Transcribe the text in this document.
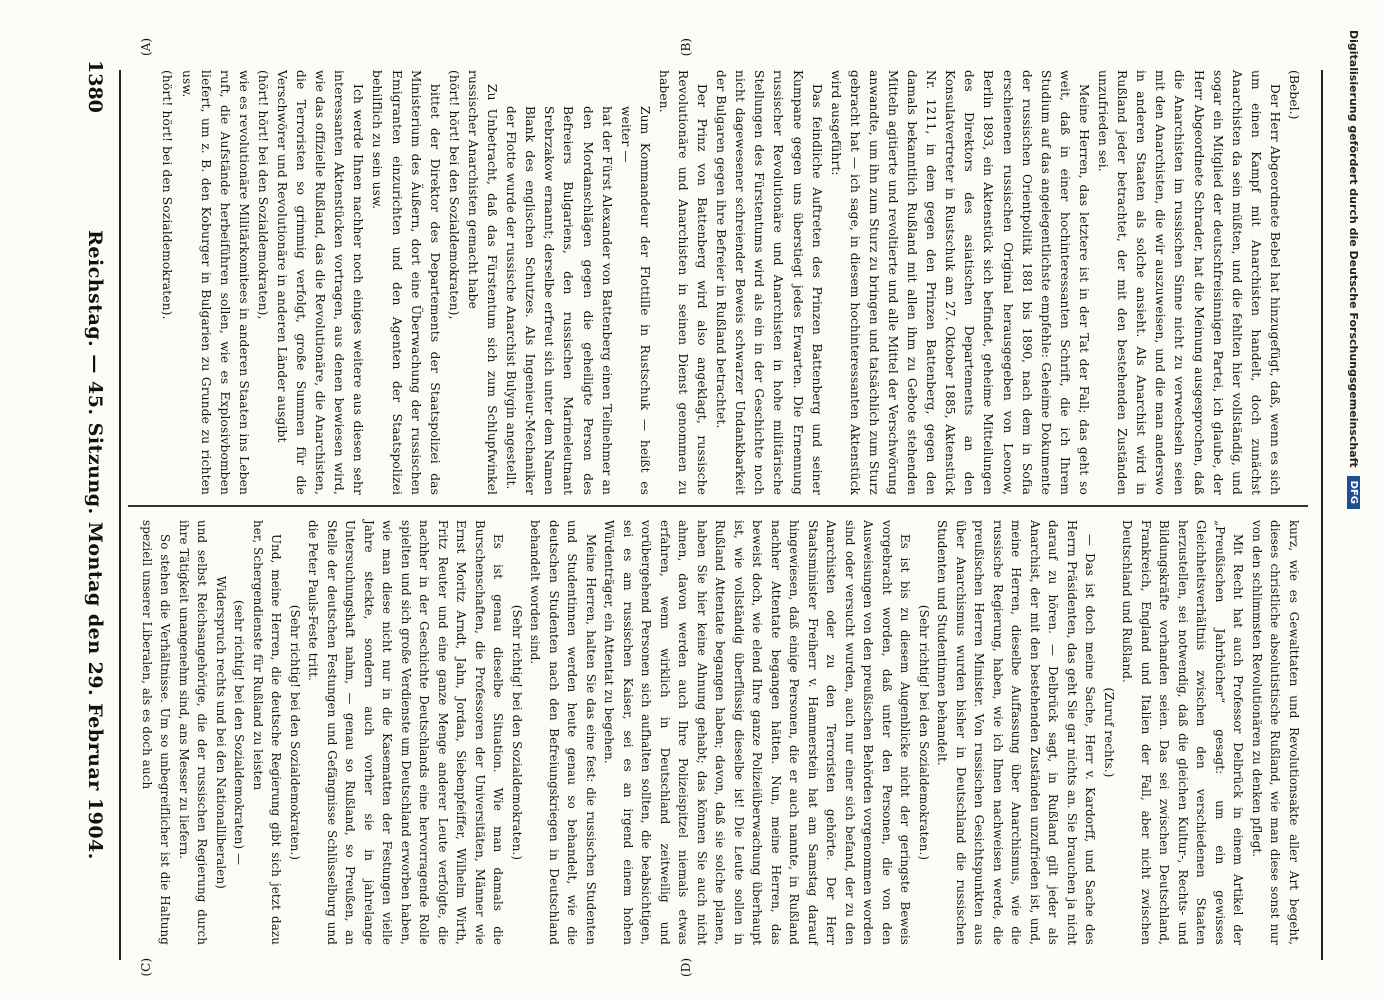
Digitalisierung gefördert durch die Deutsche Forschungsgemeinschaft
DFG

kurz, wie es Gewalttaten und Revolutionsakte aller Art begeht, dieses christliche absolutistische Rußland, wie man diese sonst nur von den schlimmsten Revolutionären zu denken pflegt.

Mit Recht hat auch Professor Delbrück in einem Artikel der „Preußischen Jahrbücher“ gesagt: um ein gewisses Gleichheitsverhältnis zwischen den verschiedenen Staaten herzustellen, sei notwendig, daß die gleichen Kultur-, Rechts- und Bildungskräfte vorhanden seien. Das sei zwischen Deutschland, Frankreich, England und Italien der Fall, aber nicht zwischen Deutschland und Rußland.

(Zuruf rechts.)

— Das ist doch meine Sache, Herr v. Kardorff, und Sache des Herrn Präsidenten, das geht Sie gar nichts an. Sie brauchen ja nicht darauf zu hören. — Delbrück sagt, in Rußland gilt jeder als Anarchist, der mit den bestehenden Zuständen unzufrieden ist, und, meine Herren, dieselbe Auffassung über Anarchismus, wie die russische Regierung, haben, wie ich Ihnen nachweisen werde, die preußischen Herren Minister. Von russischen Gesichtspunkten aus über Anarchismus wurden bisher in Deutschland die russischen Studenten und Studentinnen behandelt.

(Sehr richtig! bei den Sozialdemokraten.)

Es ist bis zu diesem Augenblicke nicht der geringste Beweis vorgebracht worden, daß unter den Personen, die von den Ausweisungen von den preußischen Behörden vorgenommen worden sind oder versucht wurden, auch nur einer sich befand, der zu den Anarchisten oder zu den Terroristen gehörte. Der Herr Staatsminister Freiherr v. Hammerstein hat am Samstag darauf hingewiesen, daß einige Personen, die er auch nannte, in Rußland nachher Attentate begangen hätten. Nun, meine Herren, das beweist doch, wie elend Ihre ganze Polizeiüberwachung überhaupt ist, wie vollständig überflüssig dieselbe ist! Die Leute sollen in Rußland Attentate begangen haben; davon, daß sie solche planen, haben Sie hier keine Ahnung gehabt; das können Sie auch nicht ahnen, davon werden auch Ihre Polizeispitzel niemals etwas erfahren, wenn wirklich in Deutschland zeitweilig und vorübergehend Personen sich aufhalten sollten, die beabsichtigen, sei es am russischen Kaiser, sei es an irgend einem hohen Würdenträger, ein Attentat zu begehen.

Meine Herren, halten Sie das eine fest: die russischen Studenten und Studentinnen werden heute genau so behandelt, wie die deutschen Studenten nach den Befreiungskriegen in Deutschland behandelt worden sind.

(Sehr richtig! bei den Sozialdemokraten.)

Es ist genau dieselbe Situation. Wie man damals die Burschenschaften, die Professoren der Universitäten, Männer wie Ernst Moritz Arndt, Jahn, Jordan, Siebenpfeiffer, Wilhelm Wirth, Fritz Reuter und eine ganze Menge anderer Leute verfolgte, die nachher in der Geschichte Deutschlands eine hervorragende Rolle spielten und sich große Verdienste um Deutschland erworben haben, wie man diese nicht nur in die Kasematten der Festungen vielle Jahre steckte, sondern auch vorher sie in jahrelange Untersuchungshaft nahm, — genau so Rußland, so Preußen, an Stelle der deutschen Festungen und Gefängnisse Schlüsselburg und die Peter Pauls-Feste tritt.

(Sehr richtig! bei den Sozialdemokraten.)

Und, meine Herren, die deutsche Regierung gibt sich jetzt dazu her, Schergendienste für Rußland zu leisten

(sehr richtig! bei den Sozialdemokraten) —

Widerspruch rechts und bei den Nationalliberalen)

und selbst Reichsangehörige, die der russischen Regierung durch ihre Tätigkeit unangenehm sind, ans Messer zu liefern.

So stehen die Verhältnisse. Um so unbegreiflicher ist die Haltung speziell unserer Liberalen, als es doch auch

(Bebel.)

Der Herr Abgeordnete Bebel hat hinzugefügt, daß, wenn es sich um einen Kampf mit Anarchisten handelt, doch zunächst Anarchisten da sein müßten, und die fehlten hier vollständig, und sogar ein Mitglied der deutschfreisinnigen Partei, ich glaube, der Herr Abgeordnete Schrader, hat die Meinung ausgesprochen, daß die Anarchisten im russischen Sinne nicht zu verwechseln seien mit den Anarchisten, die wir auszuweisen, und die man anderswo in anderen Staaten als solche ansieht. Als Anarchist wird in Rußland jeder betrachtet, der mit den bestehenden Zuständen unzufrieden sei.

Meine Herren, das letztere ist in der Tat der Fall; das geht so weit, daß in einer hochinteressanten Schrift, die ich Ihrem Studium auf das angelegentlichste empfehle: Geheime Dokumente der russischen Orientpolitik 1881 bis 1890, nach dem in Sofia erschienenen russischen Original herausgegeben von Leonow, Berlin 1893, ein Aktenstück sich befindet, geheime Mitteilungen des Direktors des asiatischen Departements an den Konsulatvertreter in Rustschuk am 27. Oktober 1885, Aktenstück Nr. 1211, in dem gegen den Prinzen Battenberg, gegen den damals bekanntlich Rußland mit allen ihm zu Gebote stehenden Mitteln agitierte und revoltierte und alle Mittel der Verschwörung anwandte, um ihn zum Sturz zu bringen und tatsächlich zum Sturz gebracht hat — ich sage, in diesem hochinteressanten Aktenstück wird ausgeführt:

Das feindliche Auftreten des Prinzen Battenberg und seiner Kumpane gegen uns überstiegt jedes Erwarten. Die Ernennung russischer Revolutionäre und Anarchisten in hohe militärische Stellungen des Fürstentums wird als ein in der Geschichte noch nicht dagewesener schreiender Beweis schwarzer Undankbarkeit der Bulgaren gegen ihre Befreier in Rußland betrachtet.

Der Prinz von Battenberg wird also angeklagt, russische Revolutionäre und Anarchisten in seinen Dienst genommen zu haben.

Zum Kommandeur der Flottille in Rustschuk — heißt es weiter —

hat der Fürst Alexander von Battenberg einen Teilnehmer an den Mordanschlägen gegen die geheiligte Person des Befreiers Bulgariens, den russischen Marineleutnant Srebrzakow ernannt; derselbe erfreut sich unter dem Namen Blank des englischen Schutzes. Als Ingenieur-Mechaniker der Flotte wurde der russische Anarchist Bulygin angestellt.

Zu Unbetracht, daß das Fürstentum sich zum Schlupfwinkel russischer Anarchisten gemacht habe

(hört! hört! bei den Sozialdemokraten),

bittet der Direktor des Departements der Staatspolizei das Ministerium des Äußern, dort eine Überwachung der russischen Emigranten einzurichten und den Agenten der Staatspolizei behilflich zu sein usw.

Ich werde Ihnen nachher noch einiges weitere aus diesen sehr interessanten Aktenstücken vortragen, aus denen bewiesen wird, wie das offizielle Rußland, das die Revolutionäre, die Anarchisten, die Terroristen so grimmig verfolgt, große Summen für die Verschwörer und Revolutionäre in anderen Länder ausgibt

(hört! hört! bei den Sozialdemokraten),

wie es revolutionäre Militärkomitees in anderen Staaten ins Leben ruft, die Aufstände herbeiführen sollen, wie es Explosivbomben liefert, um z. B. den Koburger in Bulgarien zu Grunde zu richten usw.

(hört! hört! bei den Sozialdemokraten).

(A)	(B)
(C)	(D)
1380
Reichstag. — 45. Sitzung. Montag den 29. Februar 1904.
